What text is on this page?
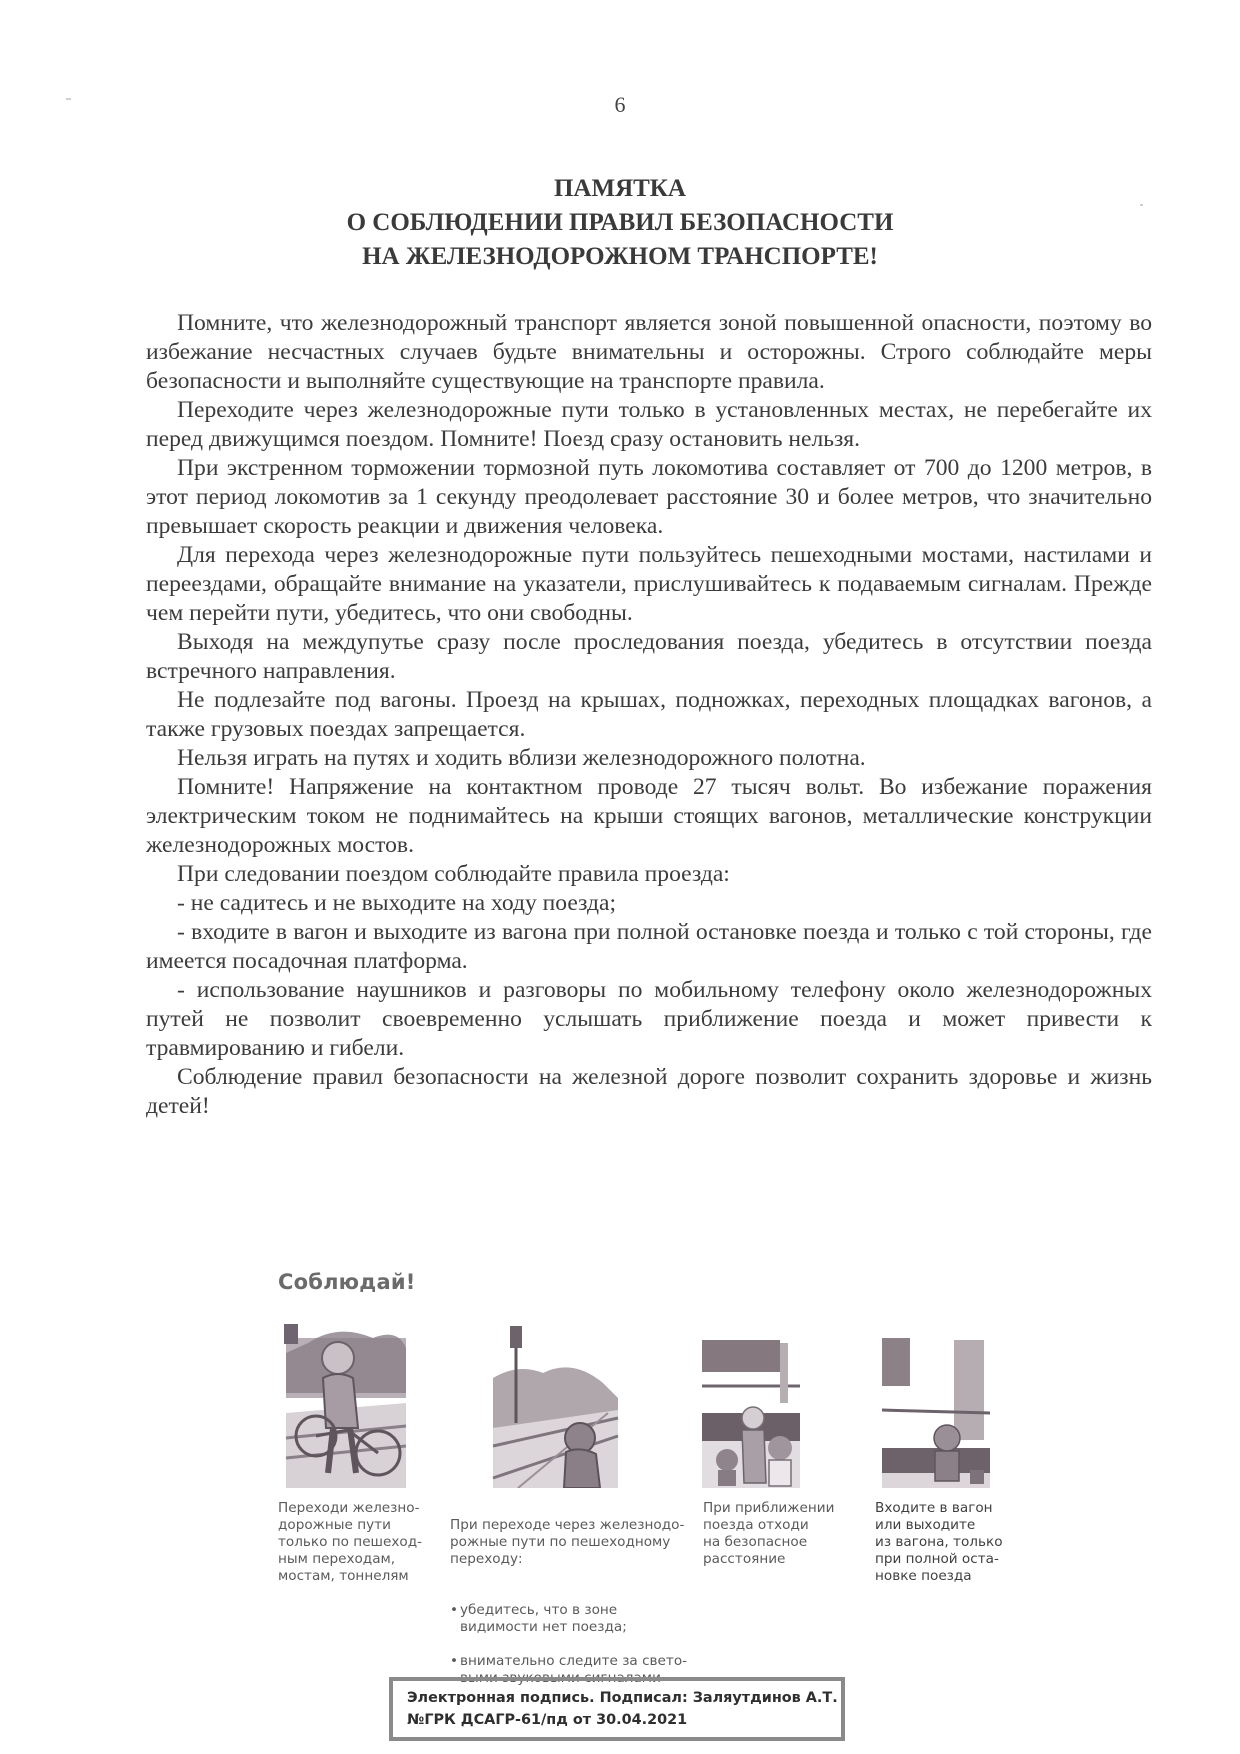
6
ПАМЯТКА
О СОБЛЮДЕНИИ ПРАВИЛ БЕЗОПАСНОСТИ
НА ЖЕЛЕЗНОДОРОЖНОМ ТРАНСПОРТЕ!

Помните, что железнодорожный транспорт является зоной повышенной опасности, поэтому во избежание несчастных случаев будьте внимательны и осторожны. Строго соблюдайте меры безопасности и выполняйте существующие на транспорте правила.

Переходите через железнодорожные пути только в установленных местах, не перебегайте их перед движущимся поездом. Помните! Поезд сразу остановить нельзя.

При экстренном торможении тормозной путь локомотива составляет от 700 до 1200 метров, в этот период локомотив за 1 секунду преодолевает расстояние 30 и более метров, что значительно превышает скорость реакции и движения человека.

Для перехода через железнодорожные пути пользуйтесь пешеходными мостами, настилами и переездами, обращайте внимание на указатели, прислушивайтесь к подаваемым сигналам. Прежде чем перейти пути, убедитесь, что они свободны.

Выходя на междупутье сразу после проследования поезда, убедитесь в отсутствии поезда встречного направления.

Не подлезайте под вагоны. Проезд на крышах, подножках, переходных площадках вагонов, а также грузовых поездах запрещается.

Нельзя играть на путях и ходить вблизи железнодорожного полотна.

Помните! Напряжение на контактном проводе 27 тысяч вольт. Во избежание поражения электрическим током не поднимайтесь на крыши стоящих вагонов, металлические конструкции железнодорожных мостов.

При следовании поездом соблюдайте правила проезда:

- не садитесь и не выходите на ходу поезда;

- входите в вагон и выходите из вагона при полной остановке поезда и только с той стороны, где имеется посадочная платформа.

- использование наушников и разговоры по мобильному телефону около железнодорожных путей не позволит своевременно услышать приближение поезда и может привести к травмированию и гибели.

Соблюдение правил безопасности на железной дороге позволит сохранить здоровье и жизнь детей!

Соблюдай!
Переходи железно-
дорожные пути
только по пешеход-
ным переходам,
мостам, тоннелям

При переходе через железнодо-
рожные пути по пешеходному
переходу:

• убедитесь, что в зоне
видимости нет поезда;

• внимательно следите за свето-
выми звуковыми сигналами

При приближении
поезда отходи
на безопасное
расстояние
Входите в вагон
или выходите
из вагона, только
при полной оста-
новке поезда
Электронная подпись. Подписал: Заляутдинов А.Т.
№ГРК ДСАГР-61/пд от 30.04.2021
